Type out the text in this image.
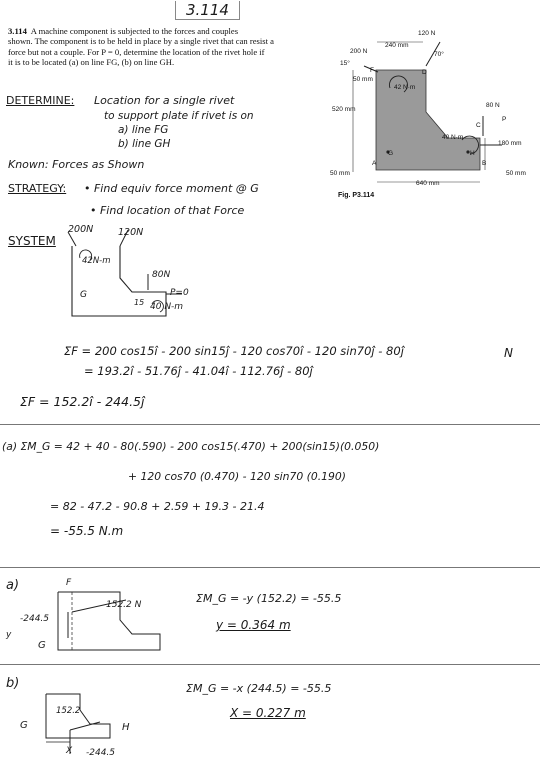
3.114
3.114 A machine component is subjected to the forces and couples
shown. The component is to be held in place by a single rivet that can resist a
force but not a couple. For P = 0, determine the location of the rivet hole if
it is to be located (a) on line FG, (b) on line GH.
120 N
240 mm
200 N	70°
15°
F	D
50 mm
42 N·m
520 mm
80 N
P
C
40 N·m
180 mm
A
G	H
B
50 mm
640 mm
50 mm
Fig. P3.114
DETERMINE: Location for a single rivet
to support plate if rivet is on
a) line FG
b) line GH
Known: Forces as Shown
STRATEGY: • Find equiv force moment @ G
• Find location of that Force
SYSTEM
200N	120N
42N-m
80N
P=0
G
15 40 N-m
ΣF = 200 cos15î - 200 sin15ĵ - 120 cos70î - 120 sin70ĵ - 80ĵ	N
= 193.2î - 51.76ĵ - 41.04î - 112.76ĵ - 80ĵ
ΣF = 152.2î - 244.5ĵ
(a) ΣM_G = 42 + 40 - 80(.590) - 200 cos15(.470) + 200(sin15)(0.050)
+ 120 cos70 (0.470) - 120 sin70 (0.190)
= 82 - 47.2 - 90.8 + 2.59 + 19.3 - 21.4
= -55.5 N.m
a)	F
-244.5
y
G
152.2 N	ΣM_G = -y (152.2) = -55.5
y = 0.364 m
b)
152.2
G	H
X -244.5
ΣM_G = -x (244.5) = -55.5
X = 0.227 m
